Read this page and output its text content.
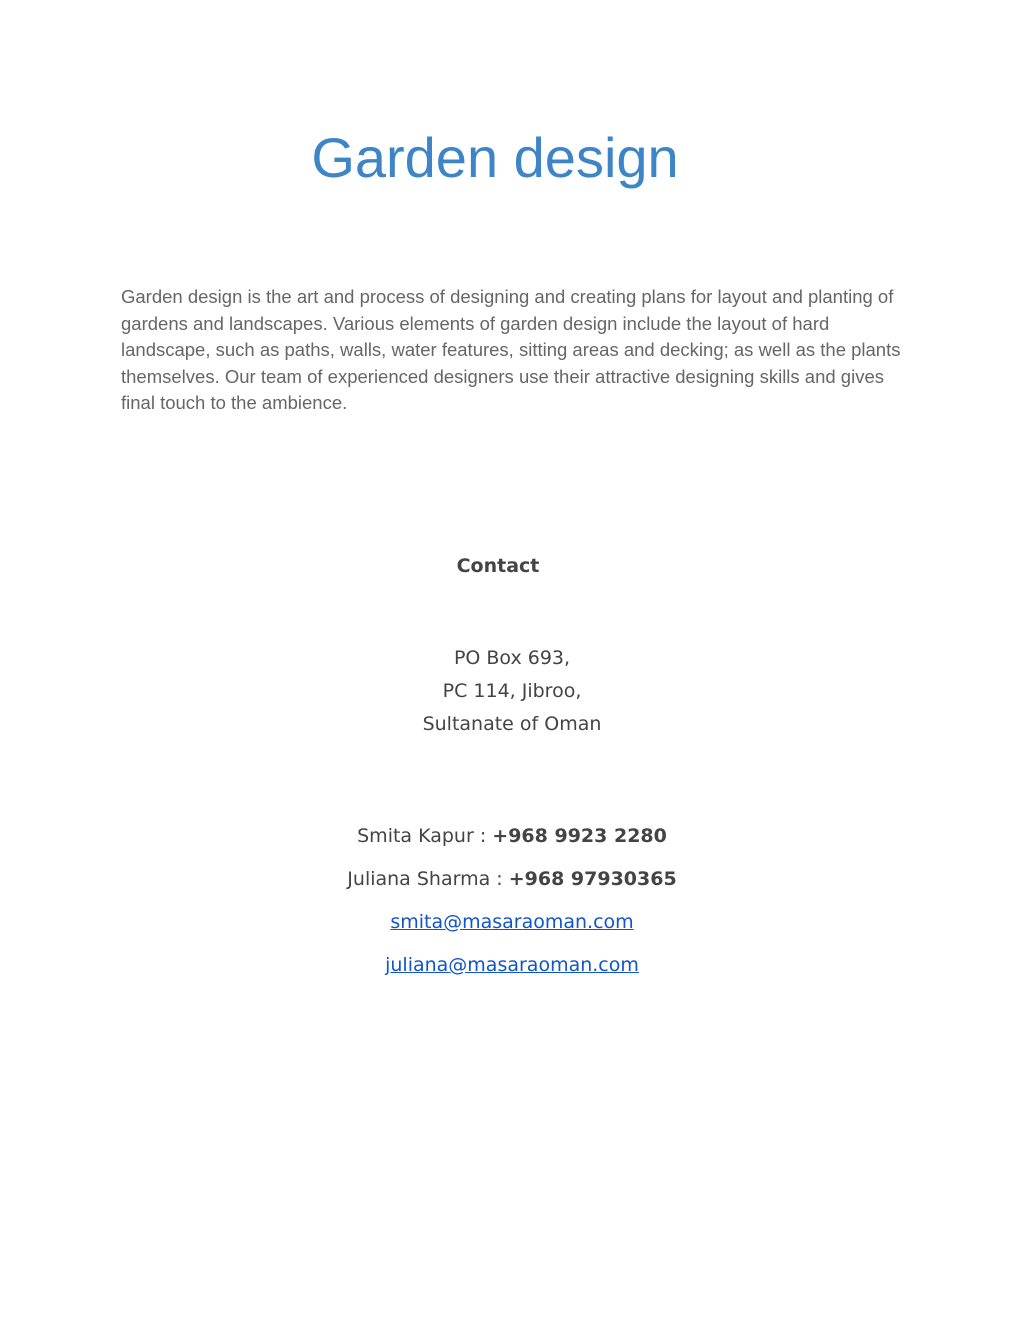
Garden design

Garden design is the art and process of designing and creating plans for layout and planting of gardens and landscapes. Various elements of garden design include the layout of hard landscape, such as paths, walls, water features, sitting areas and decking; as well as the plants themselves. Our team of experienced designers use their attractive designing skills and gives final touch to the ambience.

Contact
PO Box 693,
PC 114, Jibroo,
Sultanate of Oman
Smita Kapur : +968 9923 2280
Juliana Sharma : +968 97930365
smita@masaraoman.com
juliana@masaraoman.com
